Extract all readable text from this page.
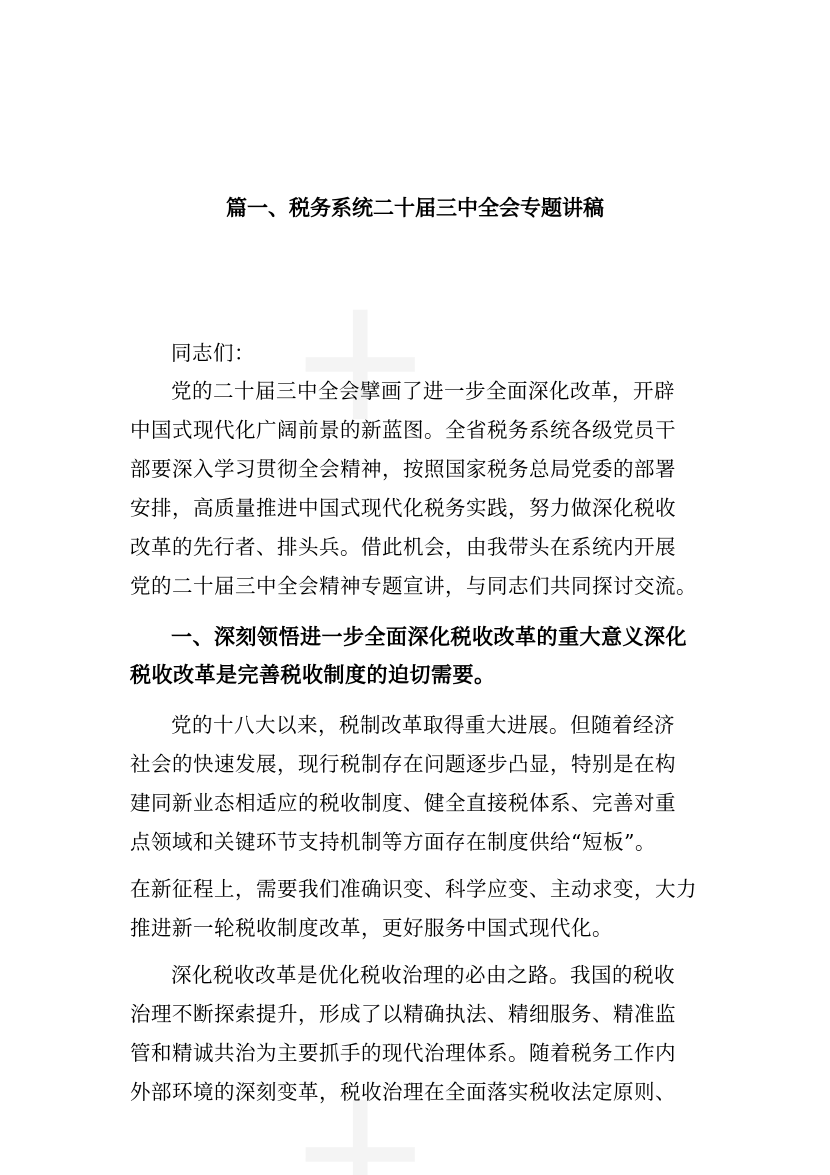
篇一、税务系统二十届三中全会专题讲稿
同志们：
党的二十届三中全会擘画了进一步全面深化改革，开辟
中国式现代化广阔前景的新蓝图。全省税务系统各级党员干
部要深入学习贯彻全会精神，按照国家税务总局党委的部署
安排，高质量推进中国式现代化税务实践，努力做深化税收
改革的先行者、排头兵。借此机会，由我带头在系统内开展
党的二十届三中全会精神专题宣讲，与同志们共同探讨交流。
一、深刻领悟进一步全面深化税收改革的重大意义深化
税收改革是完善税收制度的迫切需要。
党的十八大以来，税制改革取得重大进展。但随着经济
社会的快速发展，现行税制存在问题逐步凸显，特别是在构
建同新业态相适应的税收制度、健全直接税体系、完善对重
点领域和关键环节支持机制等方面存在制度供给“短板”。
在新征程上，需要我们准确识变、科学应变、主动求变，大力
推进新一轮税收制度改革，更好服务中国式现代化。
深化税收改革是优化税收治理的必由之路。我国的税收
治理不断探索提升，形成了以精确执法、精细服务、精准监
管和精诚共治为主要抓手的现代治理体系。随着税务工作内
外部环境的深刻变革，税收治理在全面落实税收法定原则、
